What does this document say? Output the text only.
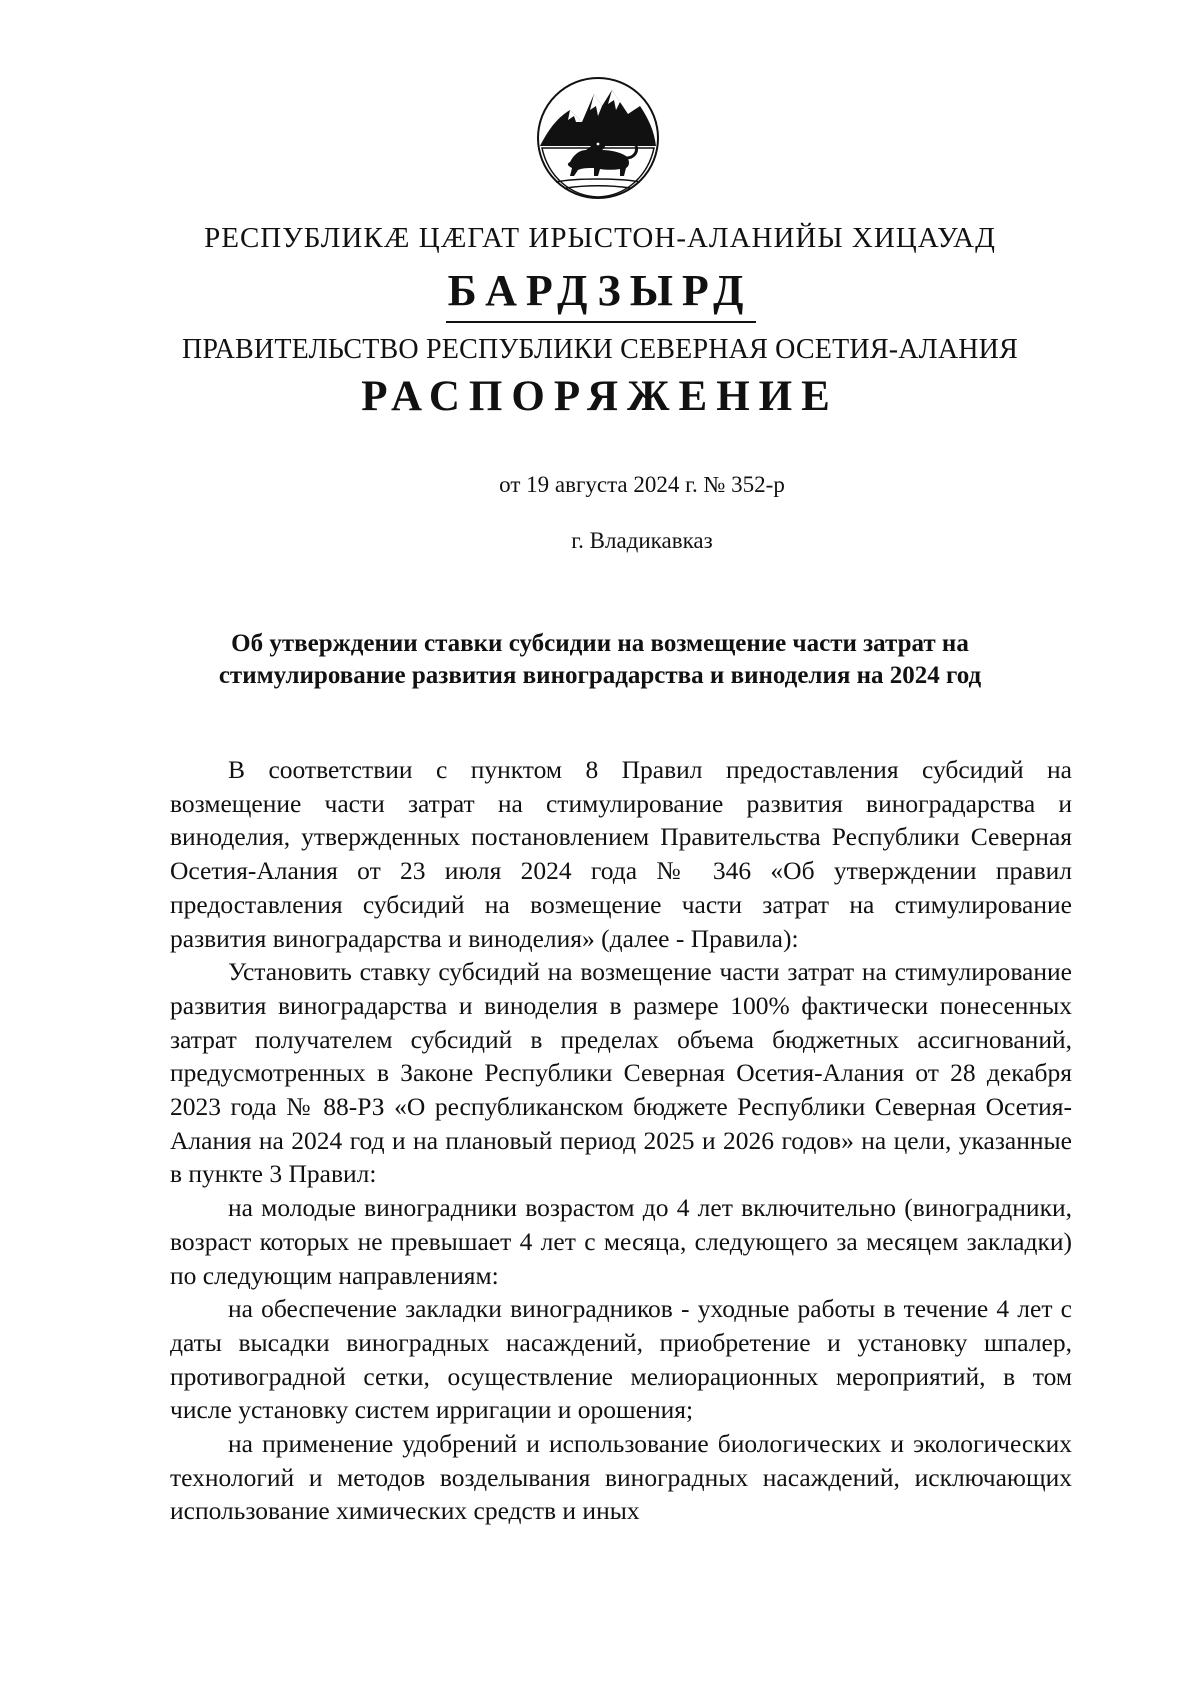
РЕСПУБЛИКÆ ЦÆГАТ ИРЫСТОН-АЛАНИЙЫ ХИЦАУАД
БАРДЗЫРД
ПРАВИТЕЛЬСТВО РЕСПУБЛИКИ СЕВЕРНАЯ ОСЕТИЯ-АЛАНИЯ
РАСПОРЯЖЕНИЕ
от 19 августа 2024 г. № 352-р
г. Владикавказ
Об утверждении ставки субсидии на возмещение части затрат на стимулирование развития виноградарства и виноделия на 2024 год

В соответствии с пунктом 8 Правил предоставления субсидий на возмещение части затрат на стимулирование развития виноградарства и виноделия, утвержденных постановлением Правительства Республики Северная Осетия-Алания от 23 июля 2024 года № 346 «Об утверждении правил предоставления субсидий на возмещение части затрат на стимулирование развития виноградарства и виноделия» (далее - Правила):

Установить ставку субсидий на возмещение части затрат на стимулирование развития виноградарства и виноделия в размере 100% фактически понесенных затрат получателем субсидий в пределах объема бюджетных ассигнований, предусмотренных в Законе Республики Северная Осетия-Алания от 28 декабря 2023 года № 88-РЗ «О республиканском бюджете Республики Северная Осетия-Алания на 2024 год и на плановый период 2025 и 2026 годов» на цели, указанные в пункте 3 Правил:

на молодые виноградники возрастом до 4 лет включительно (виноградники, возраст которых не превышает 4 лет с месяца, следующего за месяцем закладки) по следующим направлениям:

на обеспечение закладки виноградников - уходные работы в течение 4 лет с даты высадки виноградных насаждений, приобретение и установку шпалер, противоградной сетки, осуществление мелиорационных мероприятий, в том числе установку систем ирригации и орошения;

на применение удобрений и использование биологических и экологических технологий и методов возделывания виноградных насаждений, исключающих использование химических средств и иных
